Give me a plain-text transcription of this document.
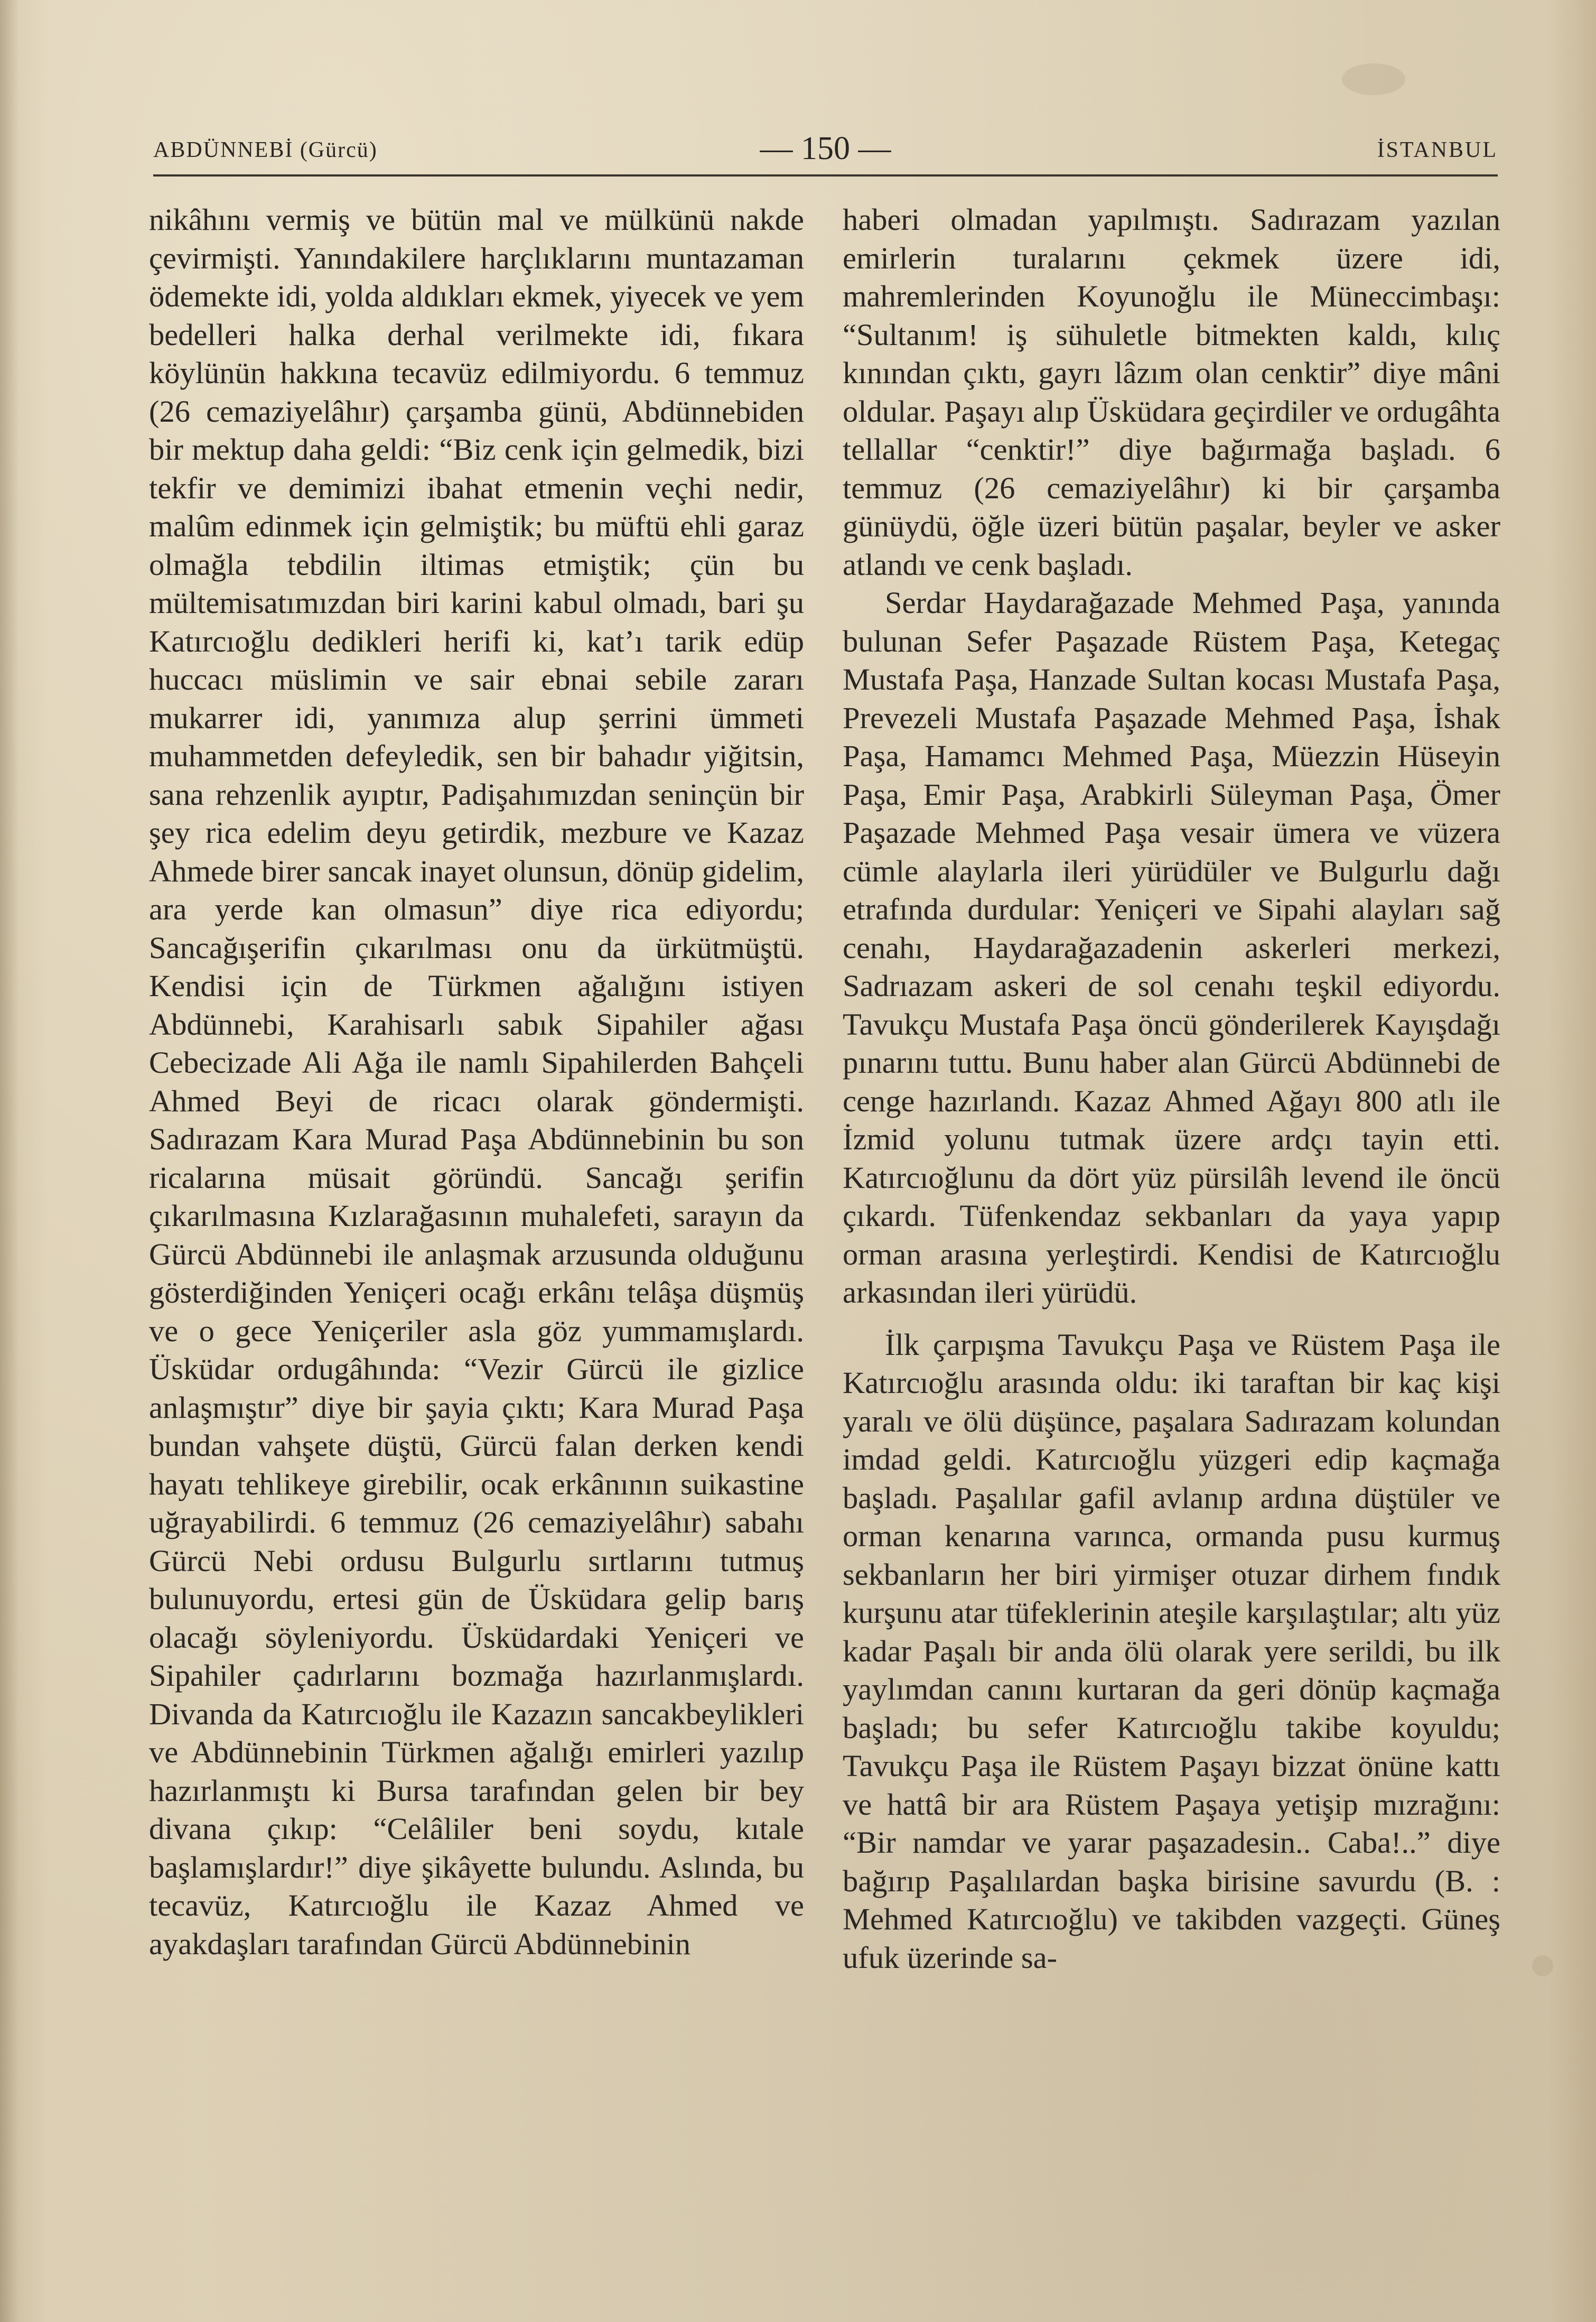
ABDÜNNEBİ (Gürcü)	— 150 —	İSTANBUL

nikâhını vermiş ve bütün mal ve mülkünü nakde çevirmişti. Yanındakilere harçlıklarını muntazaman ödemekte idi, yolda aldıkları ekmek, yiyecek ve yem bedelleri halka derhal verilmekte idi, fıkara köylünün hakkına tecavüz edilmiyordu. 6 temmuz (26 cemaziyelâhır) çarşamba günü, Abdünnebiden bir mektup daha geldi: “Biz cenk için gelmedik, bizi tekfir ve demimizi ibahat etmenin veçhi nedir, malûm edinmek için gelmiştik; bu müftü ehli garaz olmağla tebdilin iltimas etmiştik; çün bu mültemisatımızdan biri karini kabul olmadı, bari şu Katırcıoğlu dedikleri herifi ki, kat’ı tarik edüp huccacı müslimin ve sair ebnai sebile zararı mukarrer idi, yanımıza alup şerrini ümmeti muhammetden defeyledik, sen bir bahadır yiğitsin, sana rehzenlik ayıptır, Padişahımızdan seninçün bir şey rica edelim deyu getirdik, mezbure ve Kazaz Ahmede birer sancak inayet olunsun, dönüp gidelim, ara yerde kan olmasun” diye rica ediyordu; Sancağışerifin çıkarılması onu da ürkütmüştü. Kendisi için de Türkmen ağalığını istiyen Abdünnebi, Karahisarlı sabık Sipahiler ağası Cebecizade Ali Ağa ile namlı Sipahilerden Bahçeli Ahmed Beyi de ricacı olarak göndermişti. Sadırazam Kara Murad Paşa Abdünnebinin bu son ricalarına müsait göründü. Sancağı şerifin çıkarılmasına Kızlarağasının muhalefeti, sarayın da Gürcü Abdünnebi ile anlaşmak arzusunda olduğunu gösterdiğinden Yeniçeri ocağı erkânı telâşa düşmüş ve o gece Yeniçeriler asla göz yummamışlardı. Üsküdar ordugâhında: “Vezir Gürcü ile gizlice anlaşmıştır” diye bir şayia çıktı; Kara Murad Paşa bundan vahşete düştü, Gürcü falan derken kendi hayatı tehlikeye girebilir, ocak erkânının suikastine uğrayabilirdi. 6 temmuz (26 cemaziyelâhır) sabahı Gürcü Nebi ordusu Bulgurlu sırtlarını tutmuş bulunuyordu, ertesi gün de Üsküdara gelip barış olacağı söyleniyordu. Üsküdardaki Yeniçeri ve Sipahiler çadırlarını bozmağa hazırlanmışlardı. Divanda da Katırcıoğlu ile Kazazın sancakbeylikleri ve Abdünnebinin Türkmen ağalığı emirleri yazılıp hazırlanmıştı ki Bursa tarafından gelen bir bey divana çıkıp: “Celâliler beni soydu, kıtale başlamışlardır!” diye şikâyette bulundu. Aslında, bu tecavüz, Katırcıoğlu ile Kazaz Ahmed ve ayakdaşları tarafından Gürcü Abdünnebinin

haberi olmadan yapılmıştı. Sadırazam yazılan emirlerin turalarını çekmek üzere idi, mahremlerinden Koyunoğlu ile Müneccimbaşı: “Sultanım! iş sühuletle bitmekten kaldı, kılıç kınından çıktı, gayrı lâzım olan cenktir” diye mâni oldular. Paşayı alıp Üsküdara geçirdiler ve ordugâhta tellallar “cenktir!” diye bağırmağa başladı. 6 temmuz (26 cemaziyelâhır) ki bir çarşamba günüydü, öğle üzeri bütün paşalar, beyler ve asker atlandı ve cenk başladı.

Serdar Haydarağazade Mehmed Paşa, yanında bulunan Sefer Paşazade Rüstem Paşa, Ketegaç Mustafa Paşa, Hanzade Sultan kocası Mustafa Paşa, Prevezeli Mustafa Paşazade Mehmed Paşa, İshak Paşa, Hamamcı Mehmed Paşa, Müezzin Hüseyin Paşa, Emir Paşa, Arabkirli Süleyman Paşa, Ömer Paşazade Mehmed Paşa vesair ümera ve vüzera cümle alaylarla ileri yürüdüler ve Bulgurlu dağı etrafında durdular: Yeniçeri ve Sipahi alayları sağ cenahı, Haydarağazadenin askerleri merkezi, Sadrıazam askeri de sol cenahı teşkil ediyordu. Tavukçu Mustafa Paşa öncü gönderilerek Kayışdağı pınarını tuttu. Bunu haber alan Gürcü Abdünnebi de cenge hazırlandı. Kazaz Ahmed Ağayı 800 atlı ile İzmid yolunu tutmak üzere ardçı tayin etti. Katırcıoğlunu da dört yüz pürsilâh levend ile öncü çıkardı. Tüfenkendaz sekbanları da yaya yapıp orman arasına yerleştirdi. Kendisi de Katırcıoğlu arkasından ileri yürüdü.

İlk çarpışma Tavukçu Paşa ve Rüstem Paşa ile Katırcıoğlu arasında oldu: iki taraftan bir kaç kişi yaralı ve ölü düşünce, paşalara Sadırazam kolundan imdad geldi. Katırcıoğlu yüzgeri edip kaçmağa başladı. Paşalılar gafil avlanıp ardına düştüler ve orman kenarına varınca, ormanda pusu kurmuş sekbanların her biri yirmişer otuzar dirhem fındık kurşunu atar tüfeklerinin ateşile karşılaştılar; altı yüz kadar Paşalı bir anda ölü olarak yere serildi, bu ilk yaylımdan canını kurtaran da geri dönüp kaçmağa başladı; bu sefer Katırcıoğlu takibe koyuldu; Tavukçu Paşa ile Rüstem Paşayı bizzat önüne kattı ve hattâ bir ara Rüstem Paşaya yetişip mızrağını: “Bir namdar ve yarar paşazadesin.. Caba!..” diye bağırıp Paşalılardan başka birisine savurdu (B. : Mehmed Katırcıoğlu) ve takibden vazgeçti. Güneş ufuk üzerinde sa-
